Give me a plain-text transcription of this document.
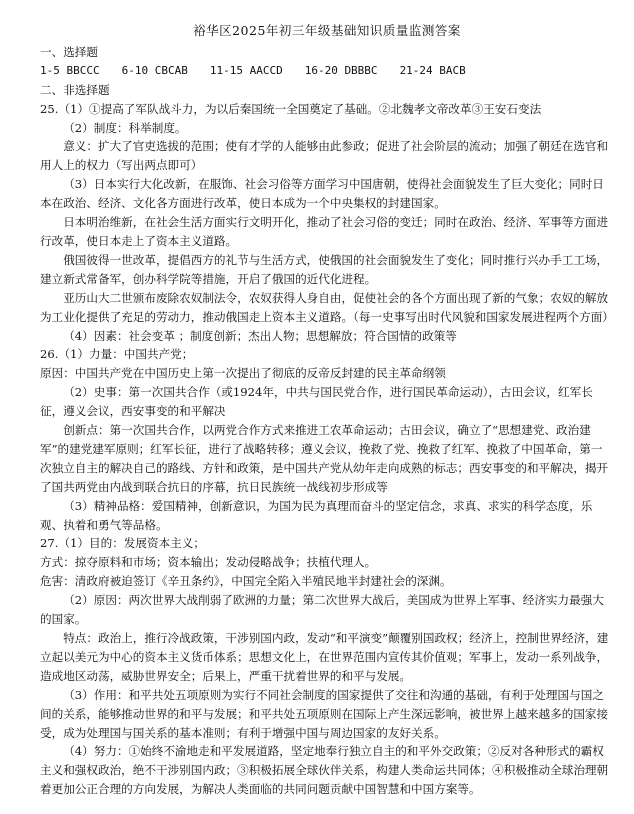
裕华区2025年初三年级基础知识质量监测答案

一、选择题

1-5 BBCCC 6-10 CBCAB 11-15 AACCD 16-20 DBBBC 21-24 BACB

二、非选择题

25.（1）①提高了军队战斗力，为以后秦国统一全国奠定了基础。②北魏孝文帝改革③王安石变法

（2）制度：科举制度。

意义：扩大了官吏选拔的范围；使有才学的人能够由此参政；促进了社会阶层的流动；加强了朝廷在选官和用人上的权力（写出两点即可）

（3）日本实行大化改新，在服饰、社会习俗等方面学习中国唐朝，使得社会面貌发生了巨大变化；同时日本在政治、经济、文化各方面进行改革，使日本成为一个中央集权的封建国家。

日本明治维新，在社会生活方面实行文明开化，推动了社会习俗的变迁；同时在政治、经济、军事等方面进行改革，使日本走上了资本主义道路。

俄国彼得一世改革，提倡西方的礼节与生活方式，使俄国的社会面貌发生了变化；同时推行兴办手工工场，建立新式常备军，创办科学院等措施，开启了俄国的近代化进程。

亚历山大二世颁布废除农奴制法令，农奴获得人身自由，促使社会的各个方面出现了新的气象；农奴的解放为工业化提供了充足的劳动力，推动俄国走上资本主义道路。（每一史事写出时代风貌和国家发展进程两个方面）

（4）因素：社会变革 ；制度创新；杰出人物；思想解放；符合国情的政策等

26.（1）力量：中国共产党；

原因：中国共产党在中国历史上第一次提出了彻底的反帝反封建的民主革命纲领

（2）史事：第一次国共合作（或1924年，中共与国民党合作，进行国民革命运动），古田会议，红军长征，遵义会议，西安事变的和平解决

创新点：第一次国共合作，以两党合作方式来推进工农革命运动；古田会议，确立了“思想建党、政治建军”的建党建军原则；红军长征，进行了战略转移；遵义会议，挽救了党、挽救了红军、挽救了中国革命，第一次独立自主的解决自己的路线、方针和政策，是中国共产党从幼年走向成熟的标志；西安事变的和平解决，揭开了国共两党由内战到联合抗日的序幕，抗日民族统一战线初步形成等

（3）精神品格：爱国精神，创新意识，为国为民为真理而奋斗的坚定信念，求真、求实的科学态度，乐观、执着和勇气等品格。

27.（1）目的：发展资本主义；

方式：掠夺原料和市场；资本输出；发动侵略战争；扶植代理人。

危害：清政府被迫签订《辛丑条约》，中国完全陷入半殖民地半封建社会的深渊。

（2）原因：两次世界大战削弱了欧洲的力量；第二次世界大战后，美国成为世界上军事、经济实力最强大的国家。

特点：政治上，推行冷战政策，干涉别国内政，发动“和平演变”颠覆别国政权；经济上，控制世界经济，建立起以美元为中心的资本主义货币体系；思想文化上，在世界范围内宣传其价值观；军事上，发动一系列战争，造成地区动荡，威胁世界安全；后果上，严重干扰着世界的和平与发展。

（3）作用：和平共处五项原则为实行不同社会制度的国家提供了交往和沟通的基础，有利于处理国与国之间的关系，能够推动世界的和平与发展；和平共处五项原则在国际上产生深远影响，被世界上越来越多的国家接受，成为处理国与国关系的基本准则；有利于增强中国与周边国家的友好关系。

（4）努力：①始终不渝地走和平发展道路，坚定地奉行独立自主的和平外交政策；②反对各种形式的霸权主义和强权政治，绝不干涉别国内政；③积极拓展全球伙伴关系，构建人类命运共同体；④积极推动全球治理朝着更加公正合理的方向发展，为解决人类面临的共同问题贡献中国智慧和中国方案等。
